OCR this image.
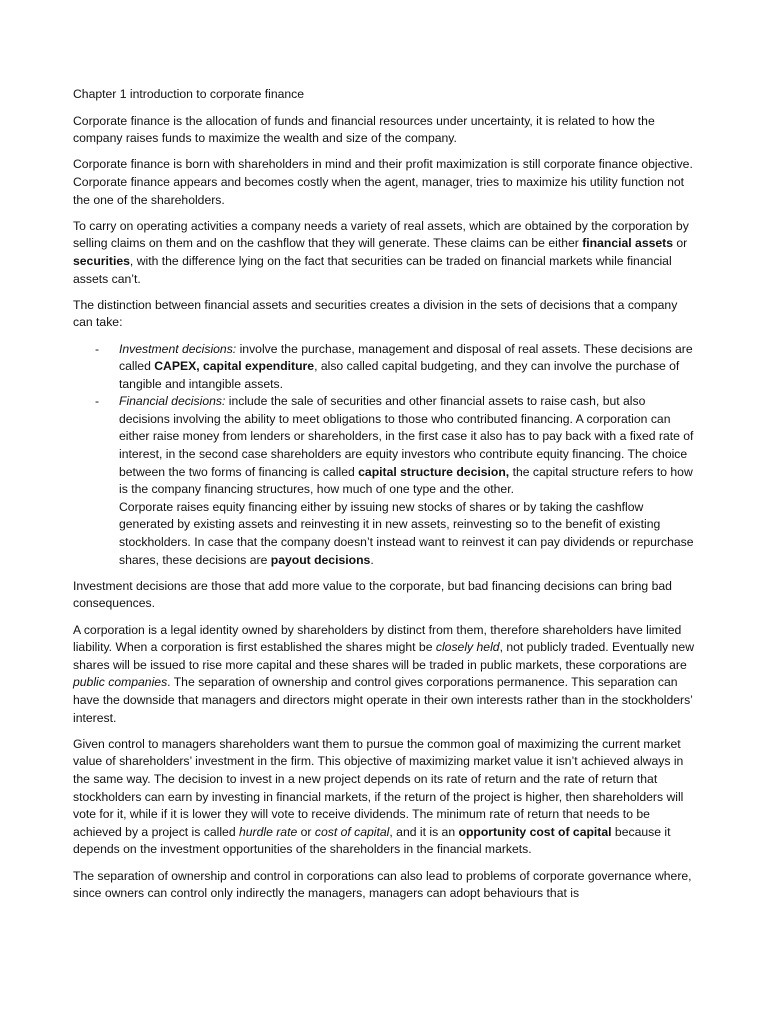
Chapter 1 introduction to corporate finance

Corporate finance is the allocation of funds and financial resources under uncertainty, it is related to how the company raises funds to maximize the wealth and size of the company.

Corporate finance is born with shareholders in mind and their profit maximization is still corporate finance objective. Corporate finance appears and becomes costly when the agent, manager, tries to maximize his utility function not the one of the shareholders.

To carry on operating activities a company needs a variety of real assets, which are obtained by the corporation by selling claims on them and on the cashflow that they will generate. These claims can be either financial assets or securities, with the difference lying on the fact that securities can be traded on financial markets while financial assets can’t.

The distinction between financial assets and securities creates a division in the sets of decisions that a company can take:

- Investment decisions: involve the purchase, management and disposal of real assets. These decisions are called CAPEX, capital expenditure, also called capital budgeting, and they can involve the purchase of tangible and intangible assets.
- Financial decisions: include the sale of securities and other financial assets to raise cash, but also decisions involving the ability to meet obligations to those who contributed financing. A corporation can either raise money from lenders or shareholders, in the first case it also has to pay back with a fixed rate of interest, in the second case shareholders are equity investors who contribute equity financing. The choice between the two forms of financing is called capital structure decision, the capital structure refers to how is the company financing structures, how much of one type and the other.
Corporate raises equity financing either by issuing new stocks of shares or by taking the cashflow generated by existing assets and reinvesting it in new assets, reinvesting so to the benefit of existing stockholders. In case that the company doesn’t instead want to reinvest it can pay dividends or repurchase shares, these decisions are payout decisions.

Investment decisions are those that add more value to the corporate, but bad financing decisions can bring bad consequences.

A corporation is a legal identity owned by shareholders by distinct from them, therefore shareholders have limited liability. When a corporation is first established the shares might be closely held, not publicly traded. Eventually new shares will be issued to rise more capital and these shares will be traded in public markets, these corporations are public companies. The separation of ownership and control gives corporations permanence. This separation can have the downside that managers and directors might operate in their own interests rather than in the stockholders’ interest.

Given control to managers shareholders want them to pursue the common goal of maximizing the current market value of shareholders’ investment in the firm. This objective of maximizing market value it isn’t achieved always in the same way. The decision to invest in a new project depends on its rate of return and the rate of return that stockholders can earn by investing in financial markets, if the return of the project is higher, then shareholders will vote for it, while if it is lower they will vote to receive dividends. The minimum rate of return that needs to be achieved by a project is called hurdle rate or cost of capital, and it is an opportunity cost of capital because it depends on the investment opportunities of the shareholders in the financial markets.

The separation of ownership and control in corporations can also lead to problems of corporate governance where, since owners can control only indirectly the managers, managers can adopt behaviours that is
